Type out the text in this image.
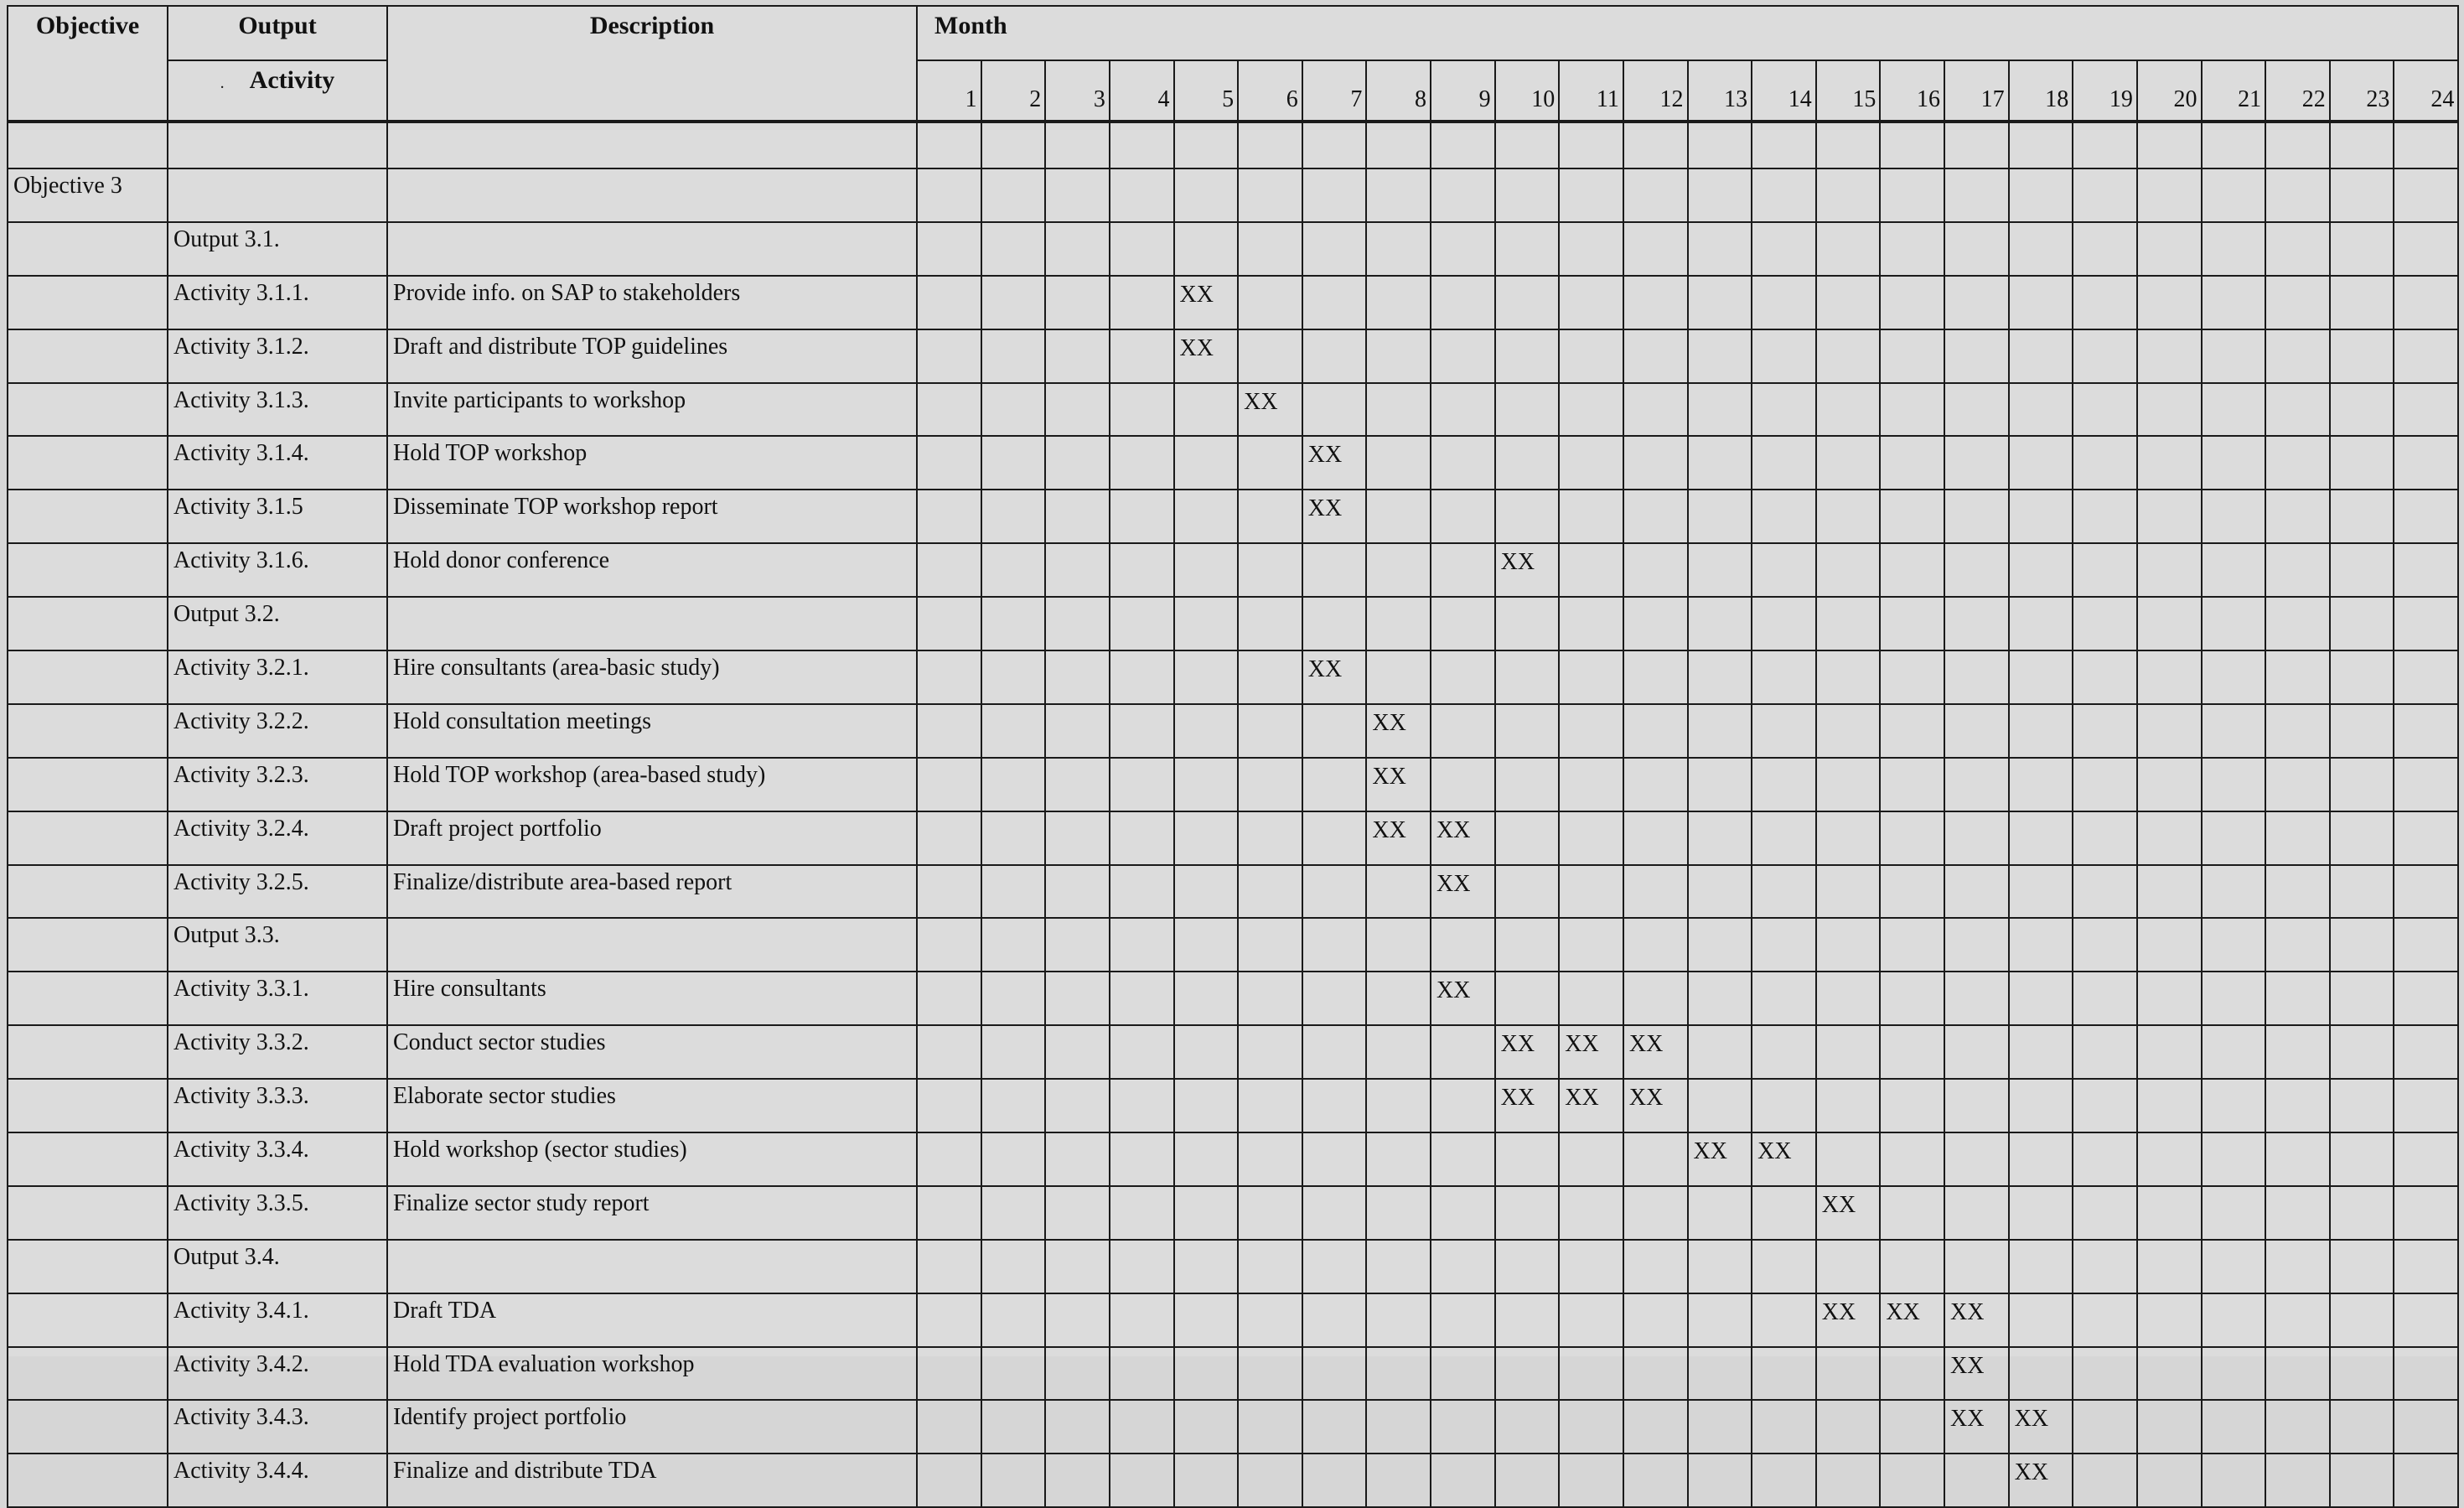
Objective	Output	Description	Month																							
	. Activity		1	2	3	4	5	6	7	8	9	10	11	12	13	14	15	16	17	18	19	20	21	22	23	24

Objective 3																										
	Output 3.1.																									
	Activity 3.1.1.	Provide info. on SAP to stakeholders					XX																			
	Activity 3.1.2.	Draft and distribute TOP guidelines					XX																			
	Activity 3.1.3.	Invite participants to workshop						XX																		
	Activity 3.1.4.	Hold TOP workshop							XX																	
	Activity 3.1.5	Disseminate TOP workshop report							XX																	
	Activity 3.1.6.	Hold donor conference										XX														
	Output 3.2.																									
	Activity 3.2.1.	Hire consultants (area-basic study)							XX																	
	Activity 3.2.2.	Hold consultation meetings								XX																
	Activity 3.2.3.	Hold TOP workshop (area-based study)								XX																
	Activity 3.2.4.	Draft project portfolio								XX	XX															
	Activity 3.2.5.	Finalize/distribute area-based report									XX															
	Output 3.3.																									
	Activity 3.3.1.	Hire consultants									XX															
	Activity 3.3.2.	Conduct sector studies										XX	XX	XX												
	Activity 3.3.3.	Elaborate sector studies										XX	XX	XX												
	Activity 3.3.4.	Hold workshop (sector studies)													XX	XX										
	Activity 3.3.5.	Finalize sector study report															XX									
	Output 3.4.																									
	Activity 3.4.1.	Draft TDA															XX	XX	XX							
	Activity 3.4.2.	Hold TDA evaluation workshop																	XX							
	Activity 3.4.3.	Identify project portfolio																	XX	XX						
	Activity 3.4.4.	Finalize and distribute TDA																		XX						
